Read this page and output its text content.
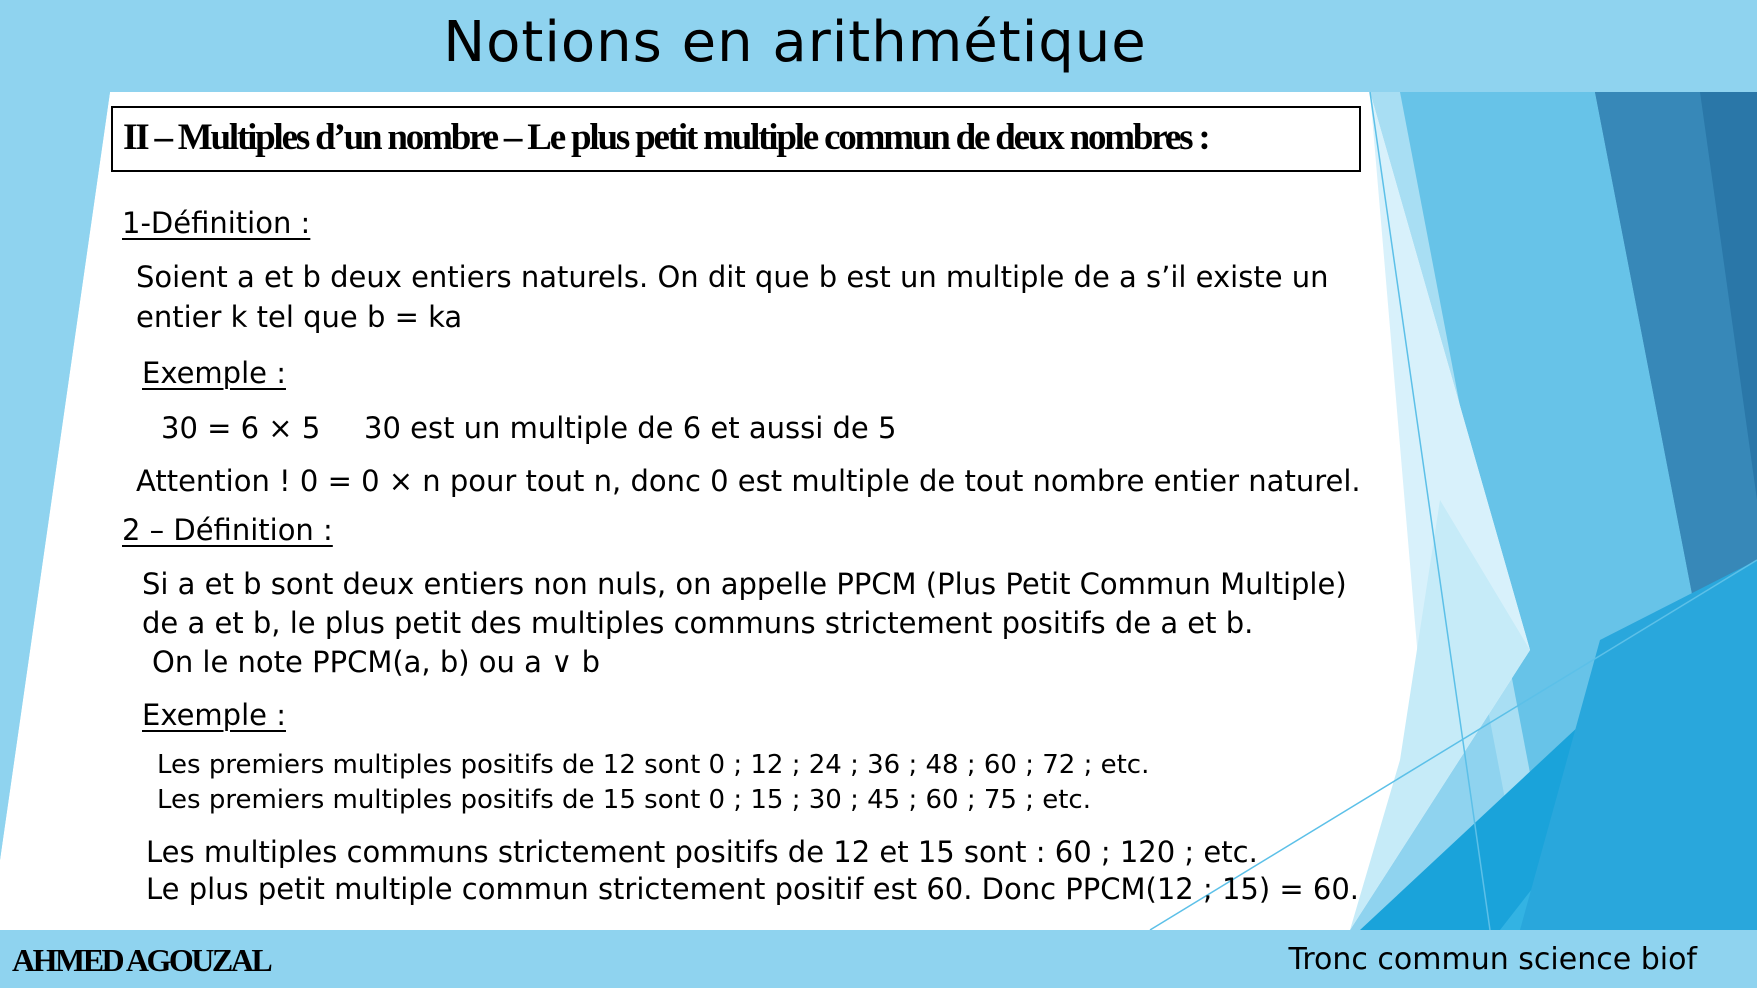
Notions en arithmétique
II – Multiples d’un nombre – Le plus petit multiple commun de deux nombres :
1-Définition :
Soient a et b deux entiers naturels. On dit que b est un multiple de a s’il existe un
entier k tel que b = ka
Exemple :
30 = 6 × 5 30 est un multiple de 6 et aussi de 5
Attention ! 0 = 0 × n pour tout n, donc 0 est multiple de tout nombre entier naturel.
2 – Définition :
Si a et b sont deux entiers non nuls, on appelle PPCM (Plus Petit Commun Multiple)
de a et b, le plus petit des multiples communs strictement positifs de a et b.
On le note PPCM(a, b) ou a ∨ b
Exemple :
Les premiers multiples positifs de 12 sont 0 ; 12 ; 24 ; 36 ; 48 ; 60 ; 72 ; etc.
Les premiers multiples positifs de 15 sont 0 ; 15 ; 30 ; 45 ; 60 ; 75 ; etc.
Les multiples communs strictement positifs de 12 et 15 sont : 60 ; 120 ; etc.
Le plus petit multiple commun strictement positif est 60. Donc PPCM(12 ; 15) = 60.
AHMED AGOUZAL	Tronc commun science biof
